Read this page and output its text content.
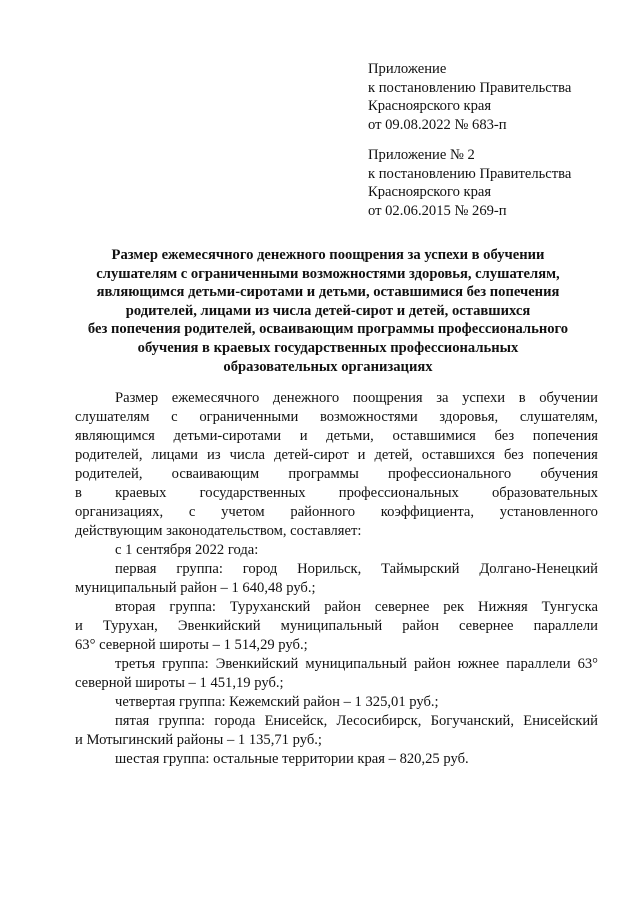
Приложение
к постановлению Правительства
Красноярского края
от 09.08.2022 № 683-п
Приложение № 2
к постановлению Правительства
Красноярского края
от 02.06.2015 № 269-п
Размер ежемесячного денежного поощрения за успехи в обучении
слушателям с ограниченными возможностями здоровья, слушателям,
являющимся детьми-сиротами и детьми, оставшимися без попечения
родителей, лицами из числа детей-сирот и детей, оставшихся
без попечения родителей, осваивающим программы профессионального
обучения в краевых государственных профессиональных
образовательных организациях
Размер ежемесячного денежного поощрения за успехи в обучении
слушателям с ограниченными возможностями здоровья, слушателям,
являющимся детьми-сиротами и детьми, оставшимися без попечения
родителей, лицами из числа детей-сирот и детей, оставшихся без попечения
родителей, осваивающим программы профессионального обучения
в краевых государственных профессиональных образовательных
организациях, с учетом районного коэффициента, установленного
действующим законодательством, составляет:
с 1 сентября 2022 года:
первая группа: город Норильск, Таймырский Долгано-Ненецкий
муниципальный район – 1 640,48 руб.;
вторая группа: Туруханский район севернее рек Нижняя Тунгуска
и Турухан, Эвенкийский муниципальный район севернее параллели
63° северной широты – 1 514,29 руб.;
третья группа: Эвенкийский муниципальный район южнее параллели 63°
северной широты – 1 451,19 руб.;
четвертая группа: Кежемский район – 1 325,01 руб.;
пятая группа: города Енисейск, Лесосибирск, Богучанский, Енисейский
и Мотыгинский районы – 1 135,71 руб.;
шестая группа: остальные территории края – 820,25 руб.
